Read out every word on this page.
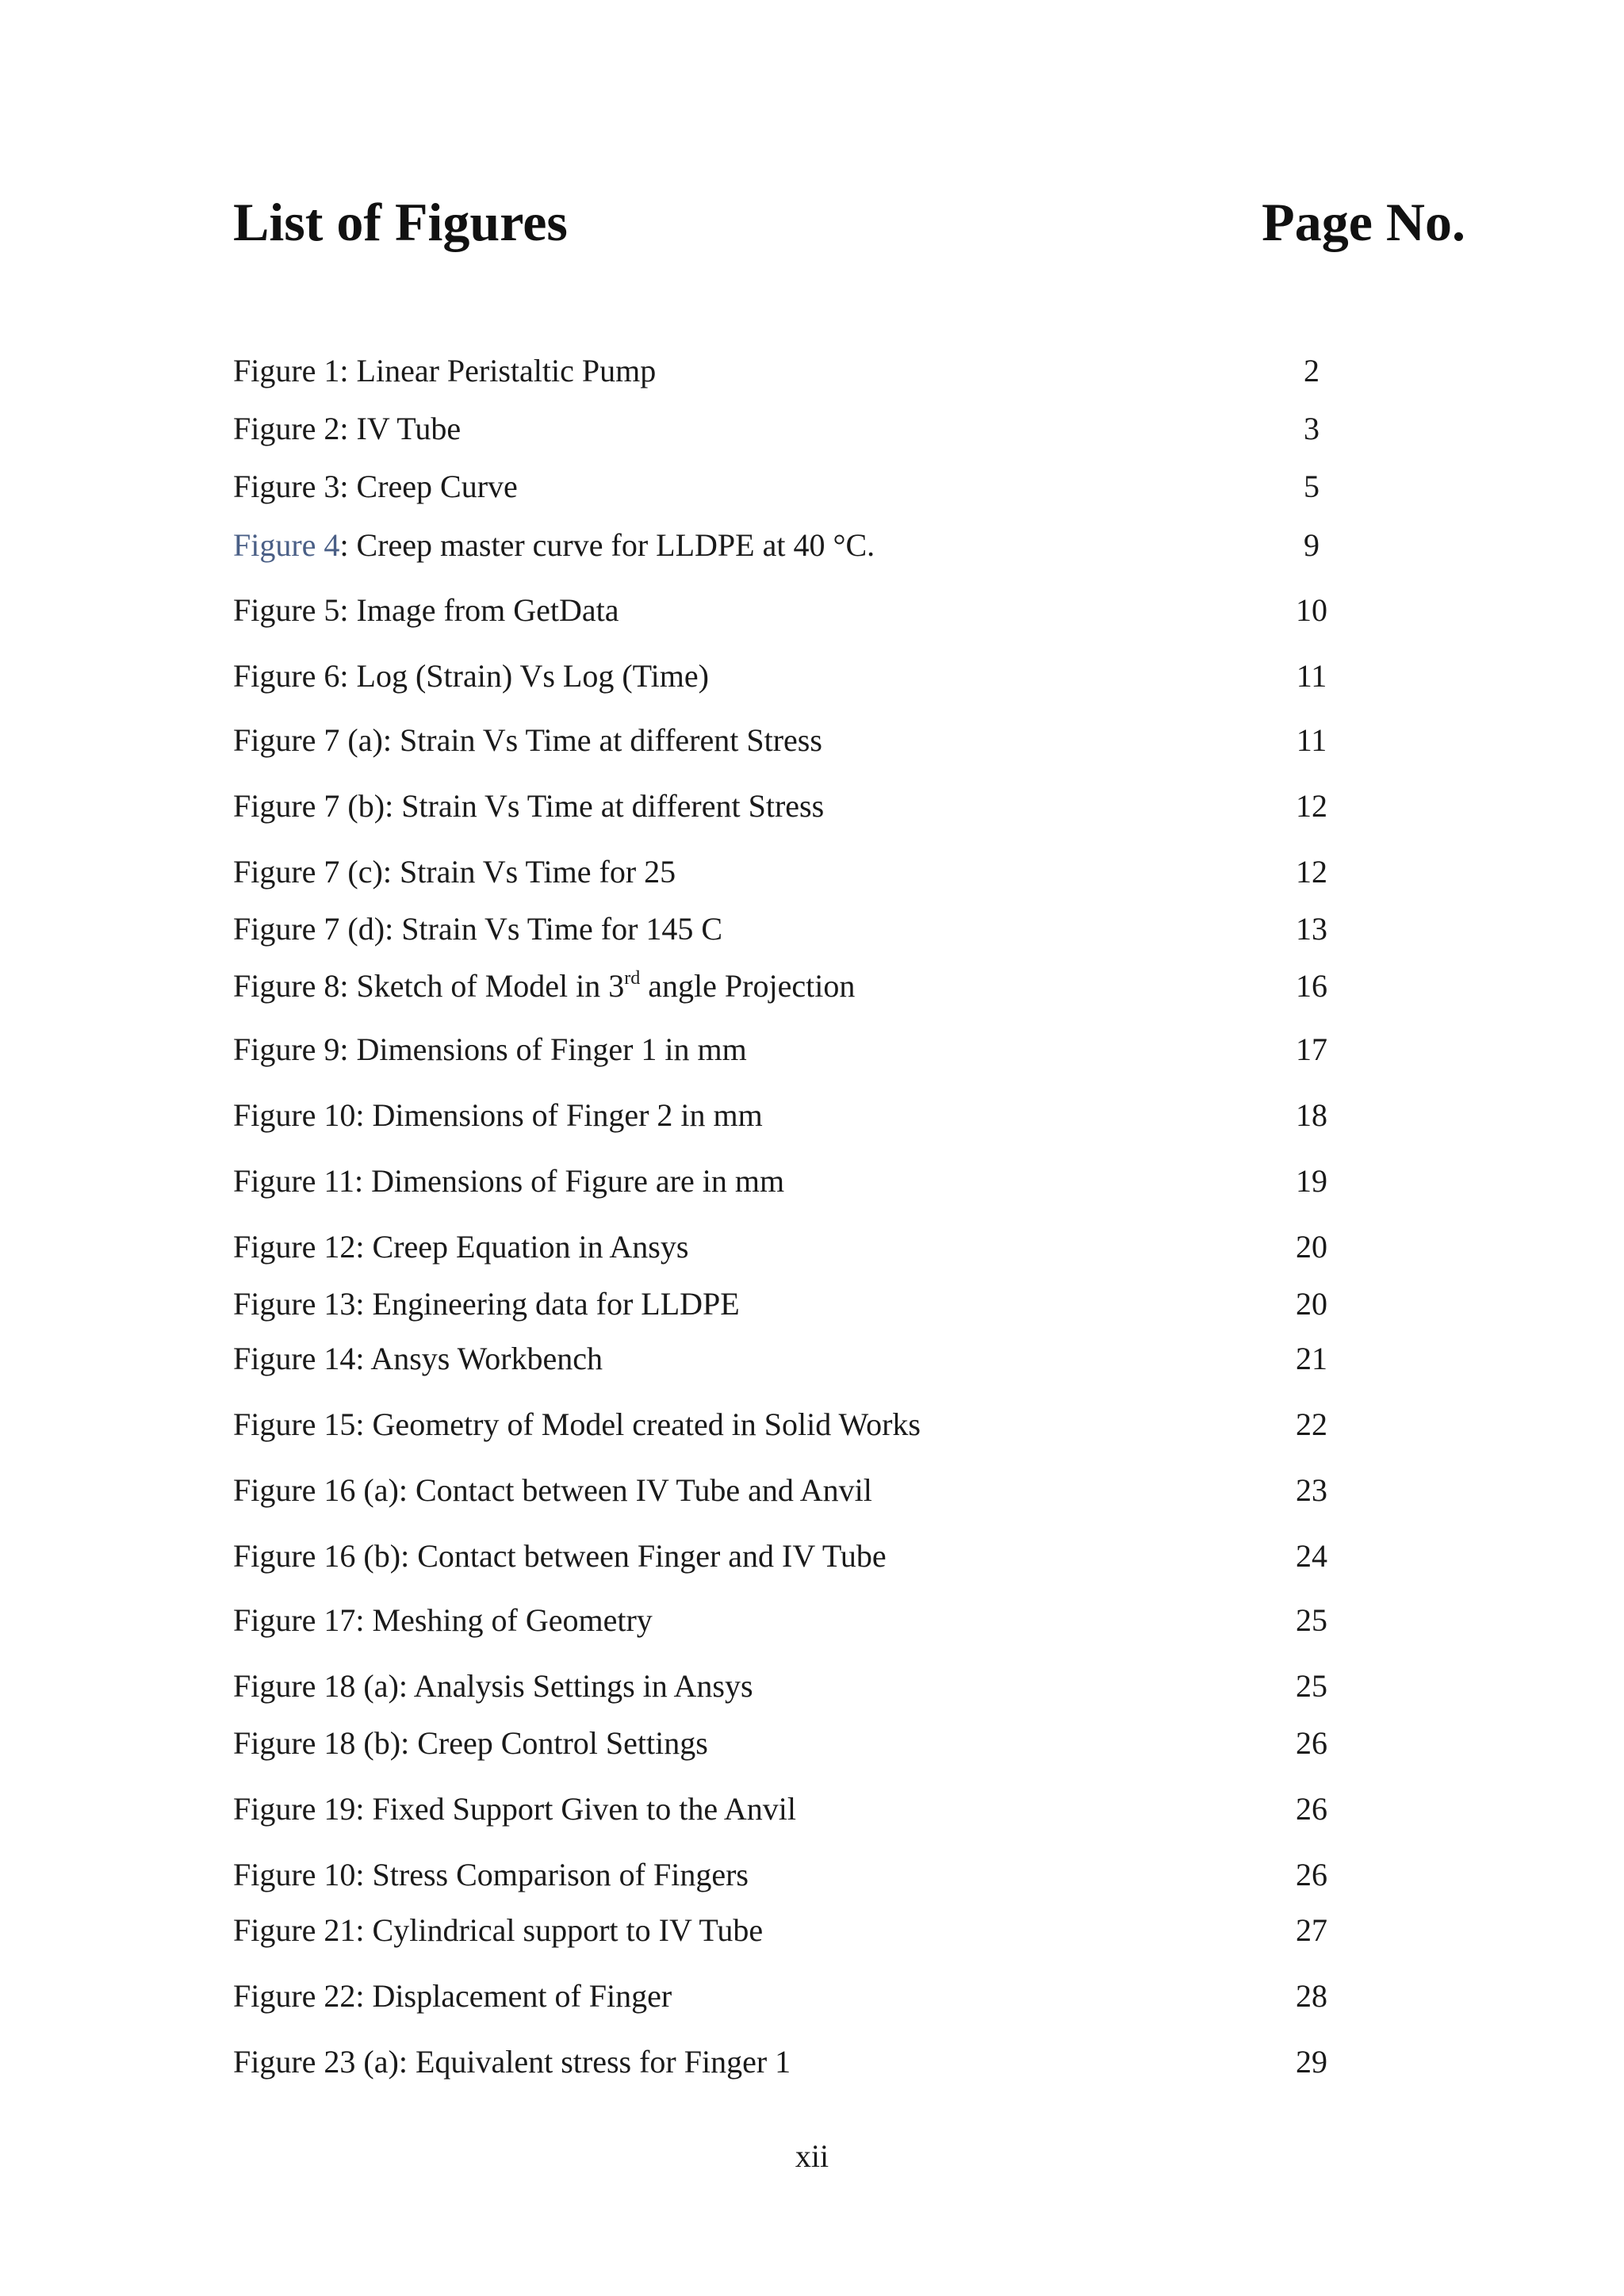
List of Figures	Page No.
Figure 1: Linear Peristaltic Pump	2
Figure 2: IV Tube	3
Figure 3: Creep Curve	5
Figure 4: Creep master curve for LLDPE at 40 °C.	9
Figure 5: Image from GetData	10
Figure 6: Log (Strain) Vs Log (Time)	11
Figure 7 (a): Strain Vs Time at different Stress	11
Figure 7 (b): Strain Vs Time at different Stress	12
Figure 7 (c): Strain Vs Time for 25	12
Figure 7 (d): Strain Vs Time for 145 C	13
Figure 8: Sketch of Model in 3rd angle Projection	16
Figure 9: Dimensions of Finger 1 in mm	17
Figure 10: Dimensions of Finger 2 in mm	18
Figure 11: Dimensions of Figure are in mm	19
Figure 12: Creep Equation in Ansys	20
Figure 13: Engineering data for LLDPE	20
Figure 14: Ansys Workbench	21
Figure 15: Geometry of Model created in Solid Works	22
Figure 16 (a): Contact between IV Tube and Anvil	23
Figure 16 (b): Contact between Finger and IV Tube	24
Figure 17: Meshing of Geometry	25
Figure 18 (a): Analysis Settings in Ansys	25
Figure 18 (b): Creep Control Settings	26
Figure 19: Fixed Support Given to the Anvil	26
Figure 10: Stress Comparison of Fingers	26
Figure 21: Cylindrical support to IV Tube	27
Figure 22: Displacement of Finger	28
Figure 23 (a): Equivalent stress for Finger 1	29
xii
